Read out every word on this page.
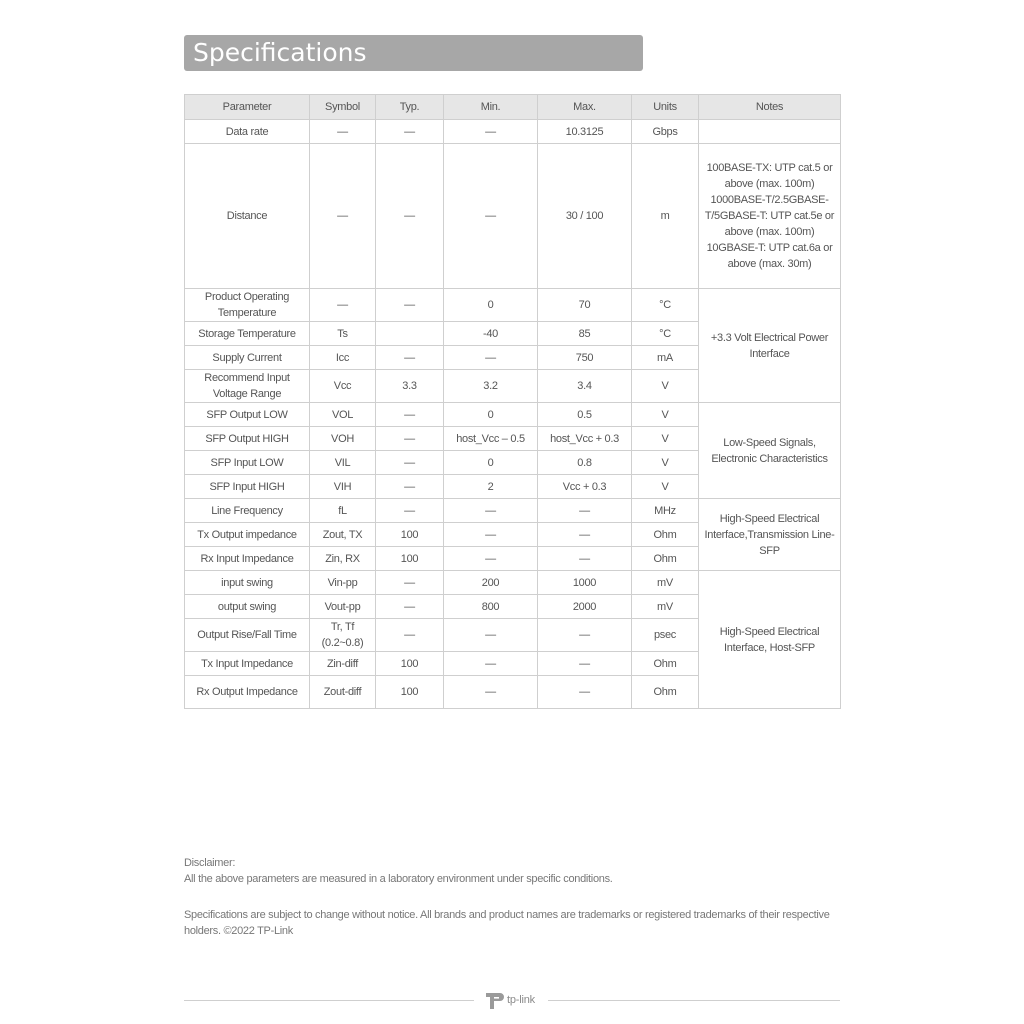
Specifications
Parameter	Symbol	Typ.	Min.	Max.	Units	Notes
Data rate	—	—	—	10.3125	Gbps	
Distance	—	—	—	30 / 100	m	100BASE-TX: UTP cat.5 or above (max. 100m) 1000BASE-T/2.5GBASE-T/5GBASE-T: UTP cat.5e or above (max. 100m) 10GBASE-T: UTP cat.6a or above (max. 30m)
Product Operating Temperature	—	—	0	70	°C	+3.3 Volt Electrical Power Interface
Storage Temperature	Ts		-40	85	°C	
Supply Current	Icc	—	—	750	mA	
Recommend Input Voltage Range	Vcc	3.3	3.2	3.4	V	
SFP Output LOW	VOL	—	0	0.5	V	Low-Speed Signals, Electronic Characteristics
SFP Output HIGH	VOH	—	host_Vcc – 0.5	host_Vcc + 0.3	V	
SFP Input LOW	VIL	—	0	0.8	V	
SFP Input HIGH	VIH	—	2	Vcc + 0.3	V	
Line Frequency	fL	—	—	—	MHz	High-Speed Electrical Interface,Transmission Line-SFP
Tx Output impedance	Zout, TX	100	—	—	Ohm	
Rx Input Impedance	Zin, RX	100	—	—	Ohm	
input swing	Vin-pp	—	200	1000	mV	High-Speed Electrical Interface, Host-SFP
output swing	Vout-pp	—	800	2000	mV	
Output Rise/Fall Time	Tr, Tf (0.2~0.8)	—	—	—	psec	
Tx Input Impedance	Zin-diff	100	—	—	Ohm	
Rx Output Impedance	Zout-diff	100	—	—	Ohm	
Disclaimer:
All the above parameters are measured in a laboratory environment under specific conditions.
Specifications are subject to change without notice. All brands and product names are trademarks or registered trademarks of their respective holders. ©2022 TP-Link
tp-link
